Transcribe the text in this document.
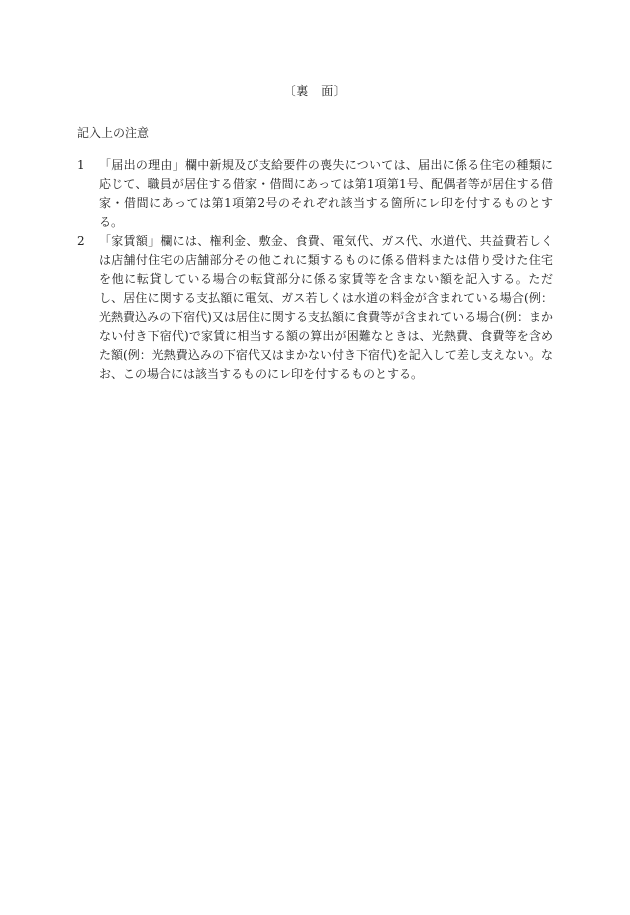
〔裏　面〕
記入上の注意
1	「届出の理由」欄中新規及び支給要件の喪失については、届出に係る住宅の種類に応じて、職員が居住する借家・借間にあっては第1項第1号、配偶者等が居住する借家・借間にあっては第1項第2号のそれぞれ該当する箇所にレ印を付するものとする。
2	「家賃額」欄には、権利金、敷金、食費、電気代、ガス代、水道代、共益費若しくは店舗付住宅の店舗部分その他これに類するものに係る借料または借り受けた住宅を他に転貸している場合の転貸部分に係る家賃等を含まない額を記入する。ただし、居住に関する支払額に電気、ガス若しくは水道の料金が含まれている場合(例：光熱費込みの下宿代)又は居住に関する支払額に食費等が含まれている場合(例：まかない付き下宿代)で家賃に相当する額の算出が困難なときは、光熱費、食費等を含めた額(例：光熱費込みの下宿代又はまかない付き下宿代)を記入して差し支えない。なお、この場合には該当するものにレ印を付するものとする。
